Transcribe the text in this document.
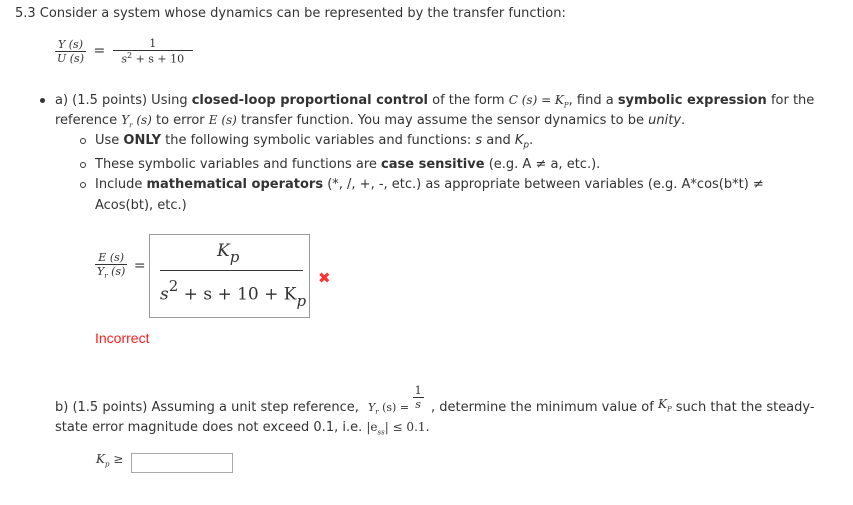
5.3 Consider a system whose dynamics can be represented by the transfer function:
$\frac{Y (s)}{U (s)} = \frac{1}{s^2 + s + 10}$
a) (1.5 points) Using closed-loop proportional control of the form C $(s) = K_P$, find a symbolic expression for the
reference $Y_r$ (s) to error E (s) transfer function. You may assume the sensor dynamics to be unity.
Use ONLY the following symbolic variables and functions: s and $K_p$.
These symbolic variables and functions are case sensitive (e.g. A ≠ a, etc.).
Include mathematical operators (*, /, +, -, etc.) as appropriate between variables (e.g. A*cos(b*t) ≠
Acos(bt), etc.)
$\frac{E (s)}{Y_r (s)}$ =
$K_p$
$s^2 + s + 10 + K_p$
✖
Incorrect
$Y_r$ $(s) = \frac{1}{s}$
b) (1.5 points) Assuming a unit step reference,	, determine the minimum value of $K_P$ such that the steady-
state error magnitude does not exceed 0.1, i.e. $|e_{ss}| \le 0.1$.
$K_p$ ≥
